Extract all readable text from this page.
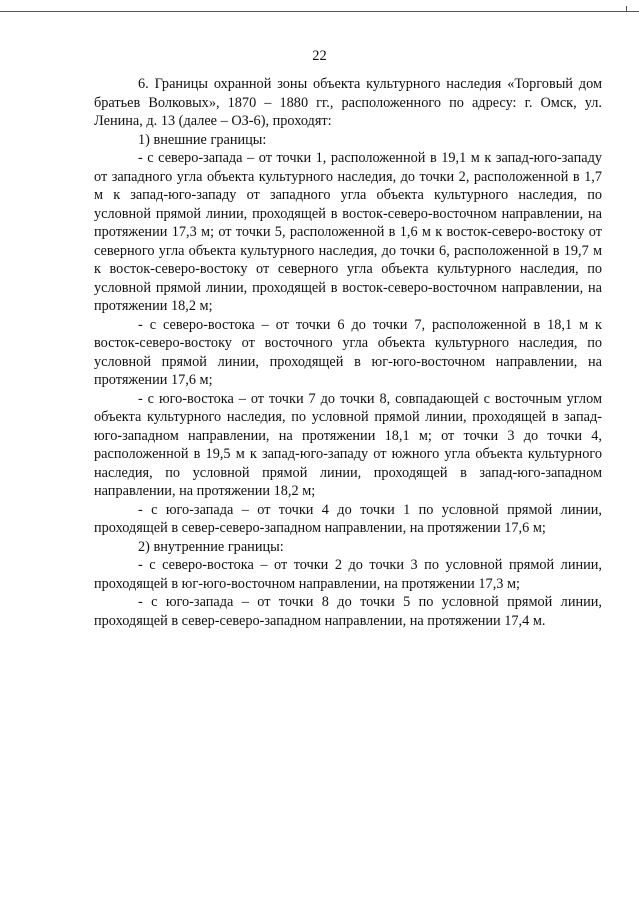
22

6. Границы охранной зоны объекта культурного наследия «Торговый дом братьев Волковых», 1870 – 1880 гг., расположенного по адресу: г. Омск, ул. Ленина, д. 13 (далее – ОЗ-6), проходят:

1) внешние границы:

- с северо-запада – от точки 1, расположенной в 19,1 м к запад-юго-западу от западного угла объекта культурного наследия, до точки 2, расположенной в 1,7 м к запад-юго-западу от западного угла объекта культурного наследия, по условной прямой линии, проходящей в восток-северо-восточном направлении, на протяжении 17,3 м; от точки 5, расположенной в 1,6 м к восток-северо-востоку от северного угла объекта культурного наследия, до точки 6, расположенной в 19,7 м к восток-северо-востоку от северного угла объекта культурного наследия, по условной прямой линии, проходящей в восток-северо-восточном направлении, на протяжении 18,2 м;

- с северо-востока – от точки 6 до точки 7, расположенной в 18,1 м к восток-северо-востоку от восточного угла объекта культурного наследия, по условной прямой линии, проходящей в юг-юго-восточном направлении, на протяжении 17,6 м;

- с юго-востока – от точки 7 до точки 8, совпадающей с восточным углом объекта культурного наследия, по условной прямой линии, проходящей в запад-юго-западном направлении, на протяжении 18,1 м; от точки 3 до точки 4, расположенной в 19,5 м к запад-юго-западу от южного угла объекта культурного наследия, по условной прямой линии, проходящей в запад-юго-западном направлении, на протяжении 18,2 м;

- с юго-запада – от точки 4 до точки 1 по условной прямой линии, проходящей в север-северо-западном направлении, на протяжении 17,6 м;

2) внутренние границы:

- с северо-востока – от точки 2 до точки 3 по условной прямой линии, проходящей в юг-юго-восточном направлении, на протяжении 17,3 м;

- с юго-запада – от точки 8 до точки 5 по условной прямой линии, проходящей в север-северо-западном направлении, на протяжении 17,4 м.
